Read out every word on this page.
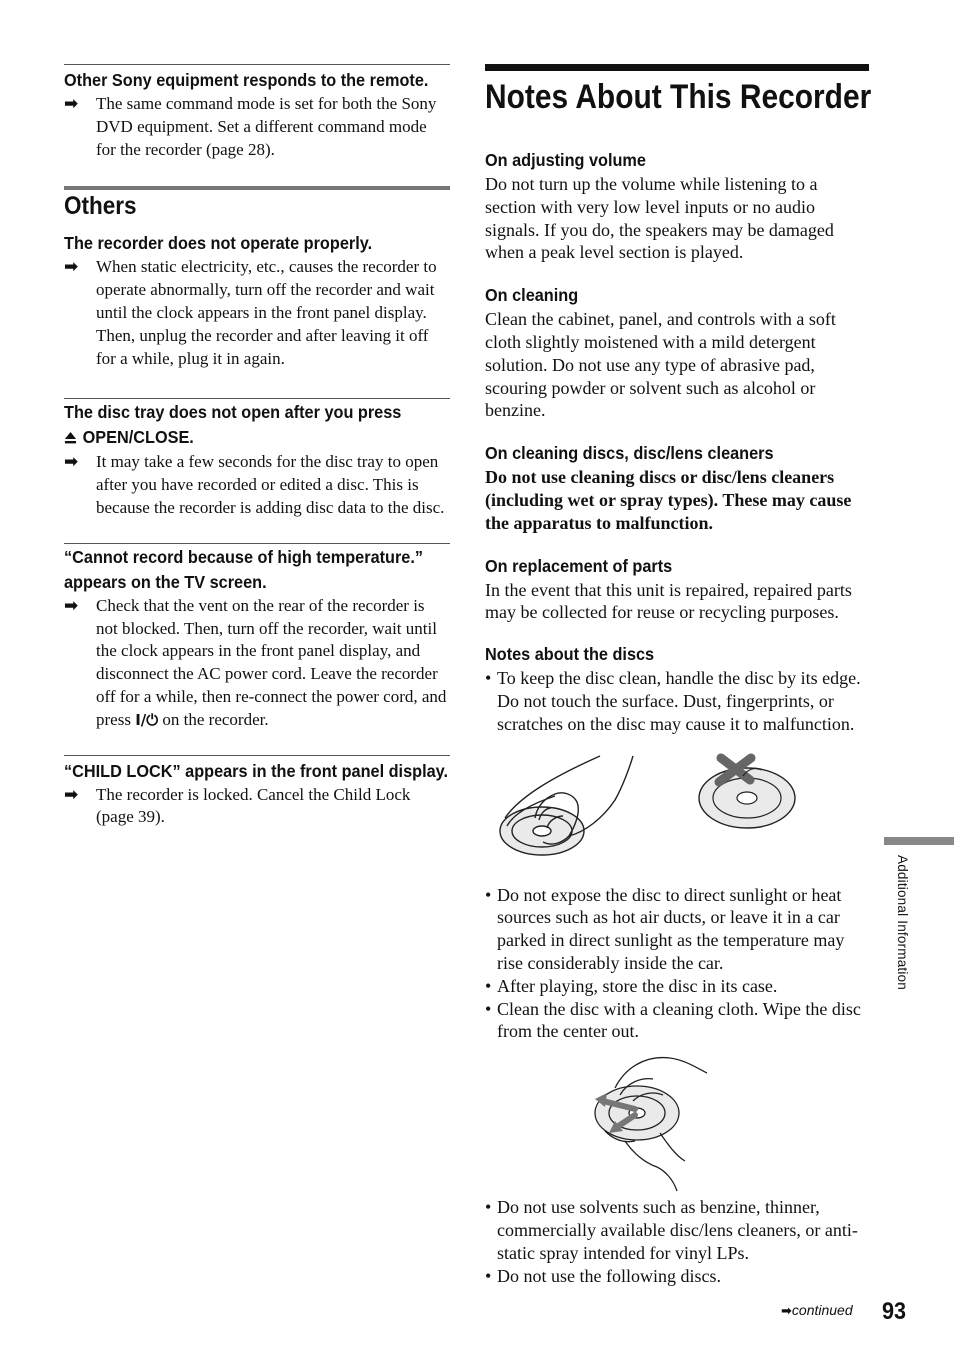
Other Sony equipment responds to the remote.
➡ The same command mode is set for both the Sony DVD equipment. Set a different command mode for the recorder (page 28).
Others
The recorder does not operate properly.
➡ When static electricity, etc., causes the recorder to operate abnormally, turn off the recorder and wait until the clock appears in the front panel display. Then, unplug the recorder and after leaving it off for a while, plug it in again.
The disc tray does not open after you press
OPEN/CLOSE.
➡ It may take a few seconds for the disc tray to open after you have recorded or edited a disc. This is because the recorder is adding disc data to the disc.
“Cannot record because of high temperature.” appears on the TV screen.
➡ Check that the vent on the rear of the recorder is not blocked. Then, turn off the recorder, wait until the clock appears in the front panel display, and disconnect the AC power cord. Leave the recorder off for a while, then re-connect the power cord, and press I/⏻ on the recorder.
“CHILD LOCK” appears in the front panel display.
➡ The recorder is locked. Cancel the Child Lock (page 39).
Notes About This Recorder
On adjusting volume
Do not turn up the volume while listening to a section with very low level inputs or no audio signals. If you do, the speakers may be damaged when a peak level section is played.
On cleaning
Clean the cabinet, panel, and controls with a soft cloth slightly moistened with a mild detergent solution. Do not use any type of abrasive pad, scouring powder or solvent such as alcohol or benzine.
On cleaning discs, disc/lens cleaners
Do not use cleaning discs or disc/lens cleaners (including wet or spray types). These may cause the apparatus to malfunction.
On replacement of parts
In the event that this unit is repaired, repaired parts may be collected for reuse or recycling purposes.
Notes about the discs
• To keep the disc clean, handle the disc by its edge. Do not touch the surface. Dust, fingerprints, or scratches on the disc may cause it to malfunction.
• Do not expose the disc to direct sunlight or heat sources such as hot air ducts, or leave it in a car parked in direct sunlight as the temperature may rise considerably inside the car.
• After playing, store the disc in its case.
• Clean the disc with a cleaning cloth. Wipe the disc from the center out.
• Do not use solvents such as benzine, thinner, commercially available disc/lens cleaners, or anti-static spray intended for vinyl LPs.
• Do not use the following discs.
Additional Information
➡continued 93
